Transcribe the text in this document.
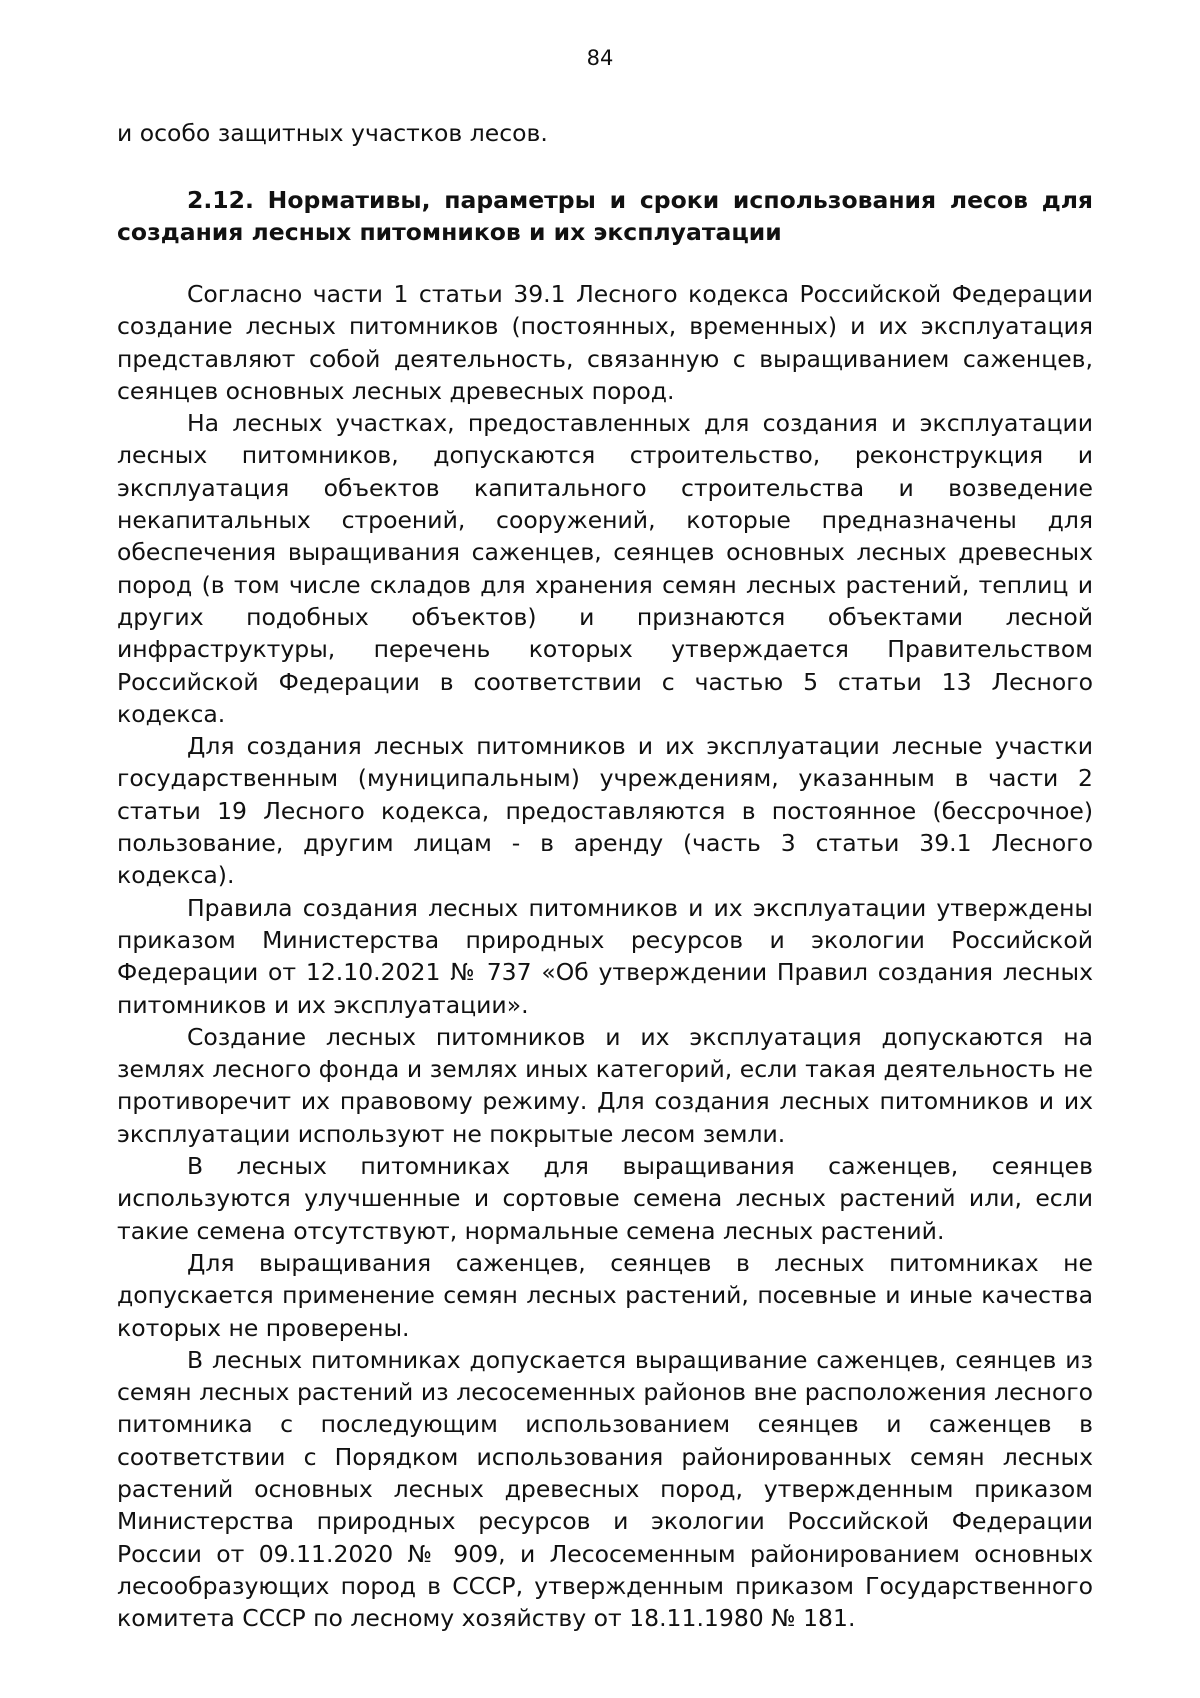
84
и особо защитных участков лесов.
2.12. Нормативы, параметры и сроки использования лесов для создания лесных питомников и их эксплуатации

Согласно части 1 статьи 39.1 Лесного кодекса Российской Федерации создание лесных питомников (постоянных, временных) и их эксплуатация представляют собой деятельность, связанную с выращиванием саженцев, сеянцев основных лесных древесных пород.

На лесных участках, предоставленных для создания и эксплуатации лесных питомников, допускаются строительство, реконструкция и эксплуатация объектов капитального строительства и возведение некапитальных строений, сооружений, которые предназначены для обеспечения выращивания саженцев, сеянцев основных лесных древесных пород (в том числе складов для хранения семян лесных растений, теплиц и других подобных объектов) и признаются объектами лесной инфраструктуры, перечень которых утверждается Правительством Российской Федерации в соответствии с частью 5 статьи 13 Лесного кодекса.

Для создания лесных питомников и их эксплуатации лесные участки государственным (муниципальным) учреждениям, указанным в части 2 статьи 19 Лесного кодекса, предоставляются в постоянное (бессрочное) пользование, другим лицам - в аренду (часть 3 статьи 39.1 Лесного кодекса).

Правила создания лесных питомников и их эксплуатации утверждены приказом Министерства природных ресурсов и экологии Российской Федерации от 12.10.2021 № 737 «Об утверждении Правил создания лесных питомников и их эксплуатации».

Создание лесных питомников и их эксплуатация допускаются на землях лесного фонда и землях иных категорий, если такая деятельность не противоречит их правовому режиму. Для создания лесных питомников и их эксплуатации используют не покрытые лесом земли.

В лесных питомниках для выращивания саженцев, сеянцев используются улучшенные и сортовые семена лесных растений или, если такие семена отсутствуют, нормальные семена лесных растений.

Для выращивания саженцев, сеянцев в лесных питомниках не допускается применение семян лесных растений, посевные и иные качества которых не проверены.

В лесных питомниках допускается выращивание саженцев, сеянцев из семян лесных растений из лесосеменных районов вне расположения лесного питомника с последующим использованием сеянцев и саженцев в соответствии с Порядком использования районированных семян лесных растений основных лесных древесных пород, утвержденным приказом Министерства природных ресурсов и экологии Российской Федерации России от 09.11.2020 № 909, и Лесосеменным районированием основных лесообразующих пород в СССР, утвержденным приказом Государственного комитета СССР по лесному хозяйству от 18.11.1980 № 181.
